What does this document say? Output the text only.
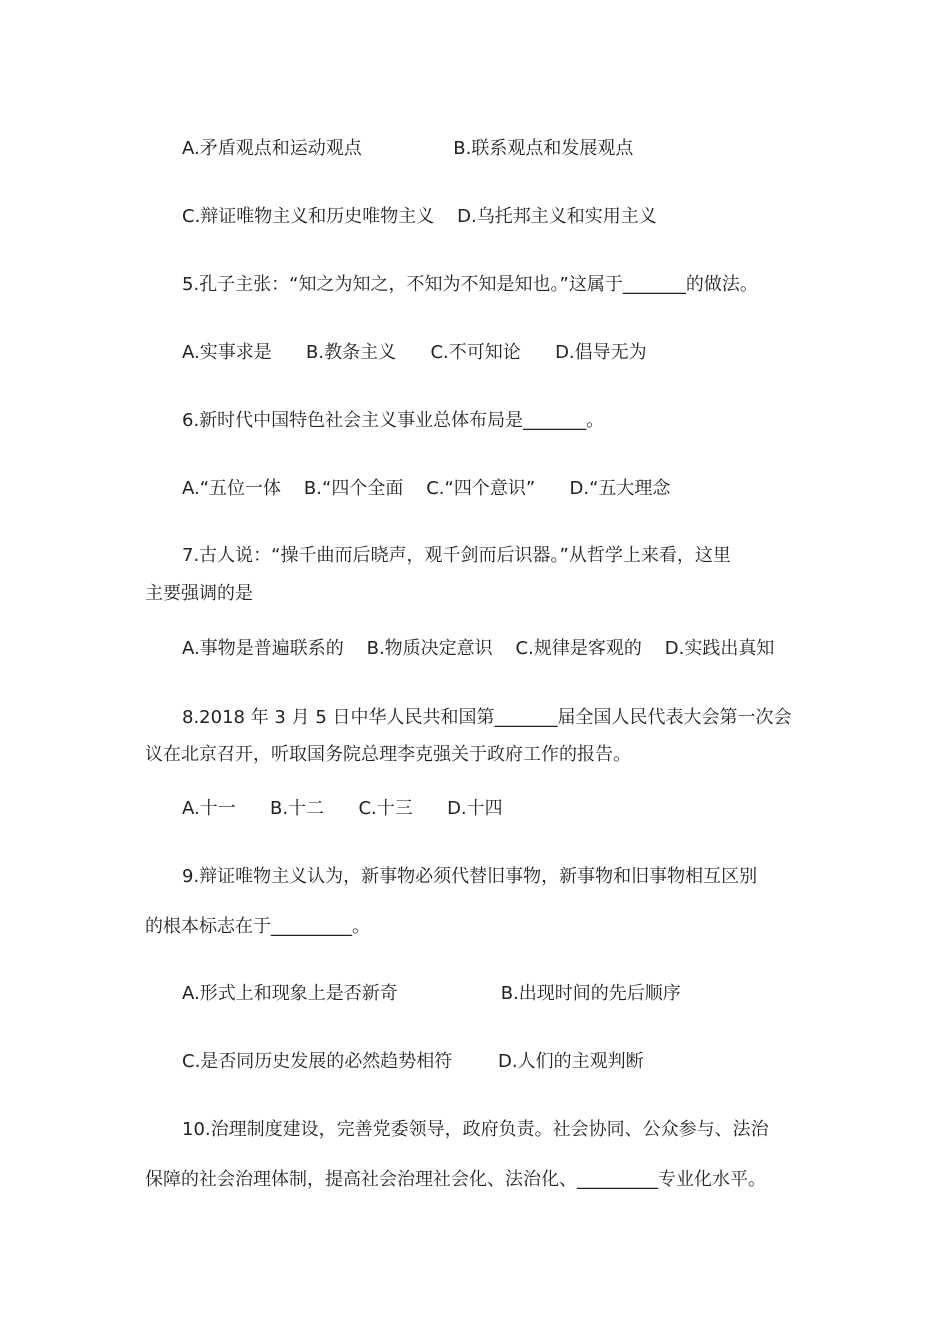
A.矛盾观点和运动观点                B.联系观点和发展观点
C.辩证唯物主义和历史唯物主义    D.乌托邦主义和实用主义
5.孔子主张：“知之为知之，不知为不知是知也。”这属于_______的做法。
A.实事求是      B.教条主义      C.不可知论      D.倡导无为
6.新时代中国特色社会主义事业总体布局是_______。
A.“五位一体    B.“四个全面    C.“四个意识”      D.“五大理念
7.古人说：“操千曲而后晓声，观千剑而后识器。”从哲学上来看，这里
主要强调的是
A.事物是普遍联系的    B.物质决定意识    C.规律是客观的    D.实践出真知
8.2018 年 3 月 5 日中华人民共和国第_______届全国人民代表大会第一次会
议在北京召开，听取国务院总理李克强关于政府工作的报告。
A.十一      B.十二      C.十三      D.十四
9.辩证唯物主义认为，新事物必须代替旧事物，新事物和旧事物相互区别
的根本标志在于_________。
A.形式上和现象上是否新奇                  B.出现时间的先后顺序
C.是否同历史发展的必然趋势相符        D.人们的主观判断
10.治理制度建设，完善党委领导，政府负责。社会协同、公众参与、法治
保障的社会治理体制，提高社会治理社会化、法治化、_________专业化水平。
